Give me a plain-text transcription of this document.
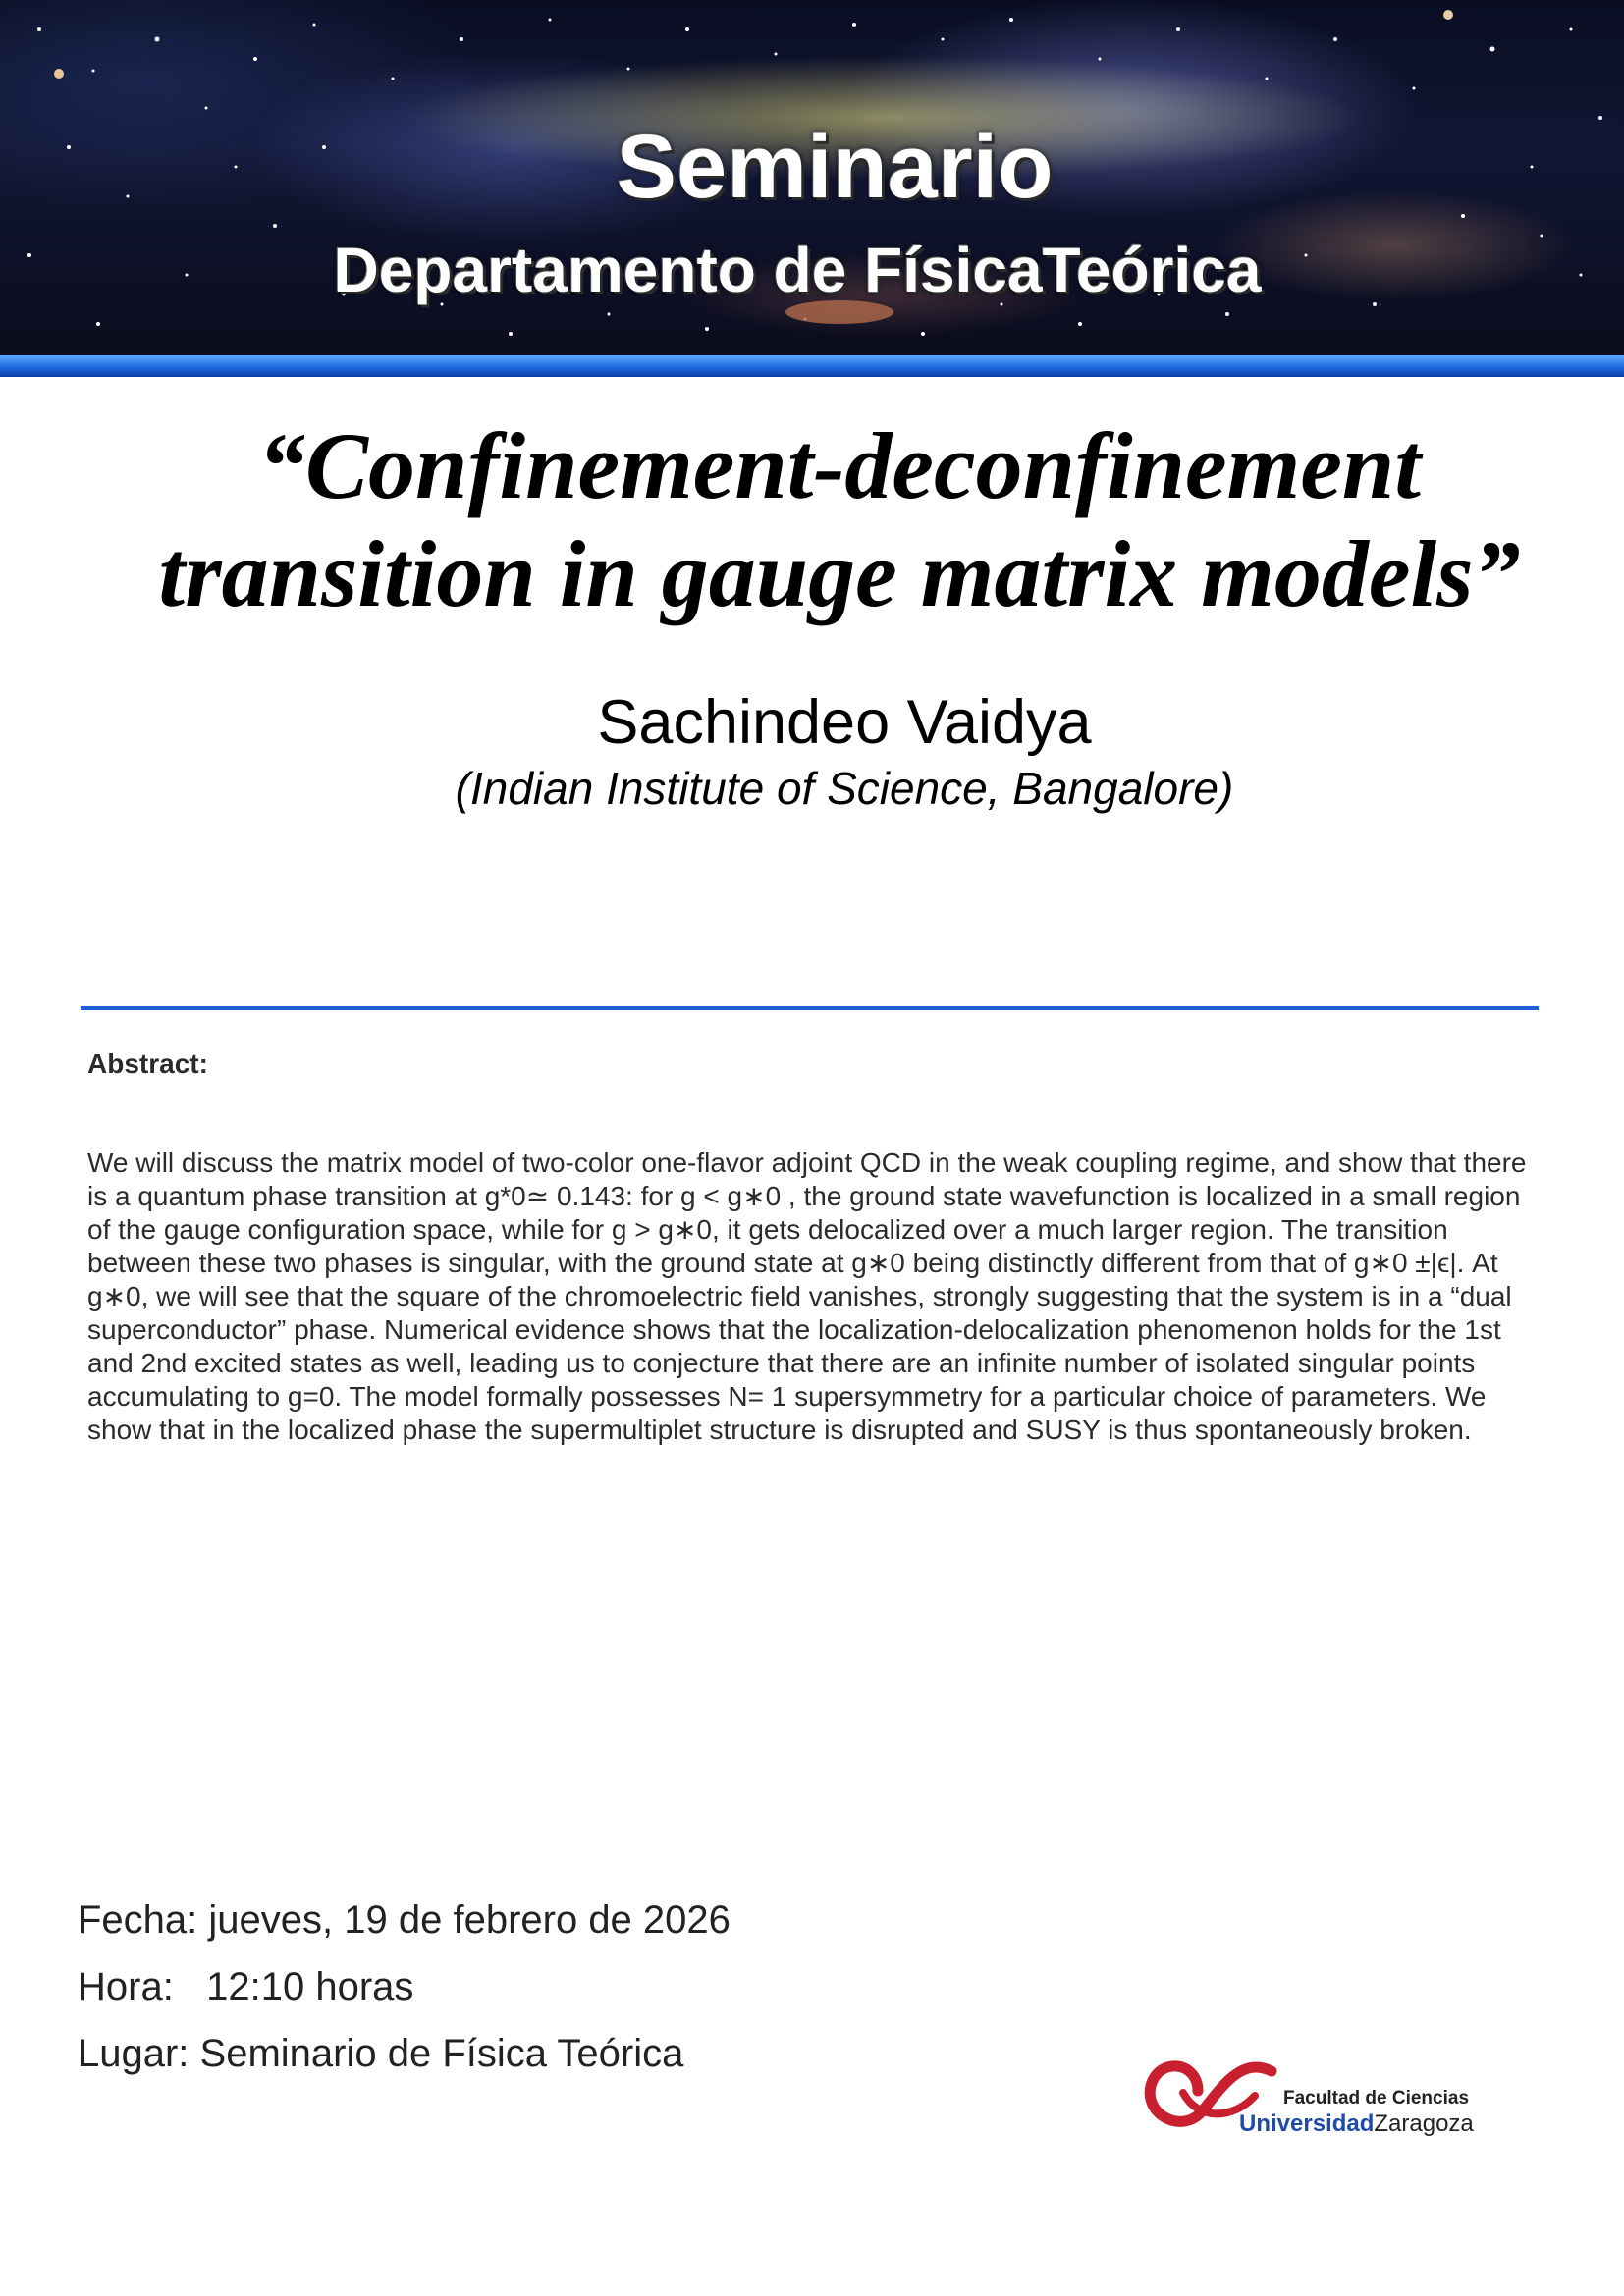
Seminario
Departamento de FísicaTeórica
“Confinement-deconfinement transition in gauge matrix models”
Sachindeo Vaidya
(Indian Institute of Science, Bangalore)
Abstract:
We will discuss the matrix model of two-color one-flavor adjoint QCD in the weak coupling regime, and show that there is a quantum phase transition at g*0≃ 0.143: for g < g∗0 , the ground state wavefunction is localized in a small region of the gauge configuration space, while for g > g∗0, it gets delocalized over a much larger region. The transition between these two phases is singular, with the ground state at g∗0 being distinctly different from that of g∗0 ±|ϵ|. At g∗0, we will see that the square of the chromoelectric field vanishes, strongly suggesting that the system is in a “dual superconductor” phase. Numerical evidence shows that the localization-delocalization phenomenon holds for the 1st and 2nd excited states as well, leading us to conjecture that there are an infinite number of isolated singular points accumulating to g=0. The model formally possesses N= 1 supersymmetry for a particular choice of parameters. We show that in the localized phase the supermultiplet structure is disrupted and SUSY is thus spontaneously broken.
Fecha: jueves, 19 de febrero de 2026
Hora:   12:10 horas
Lugar: Seminario de Física Teórica
Facultad de Ciencias
UniversidadZaragoza
